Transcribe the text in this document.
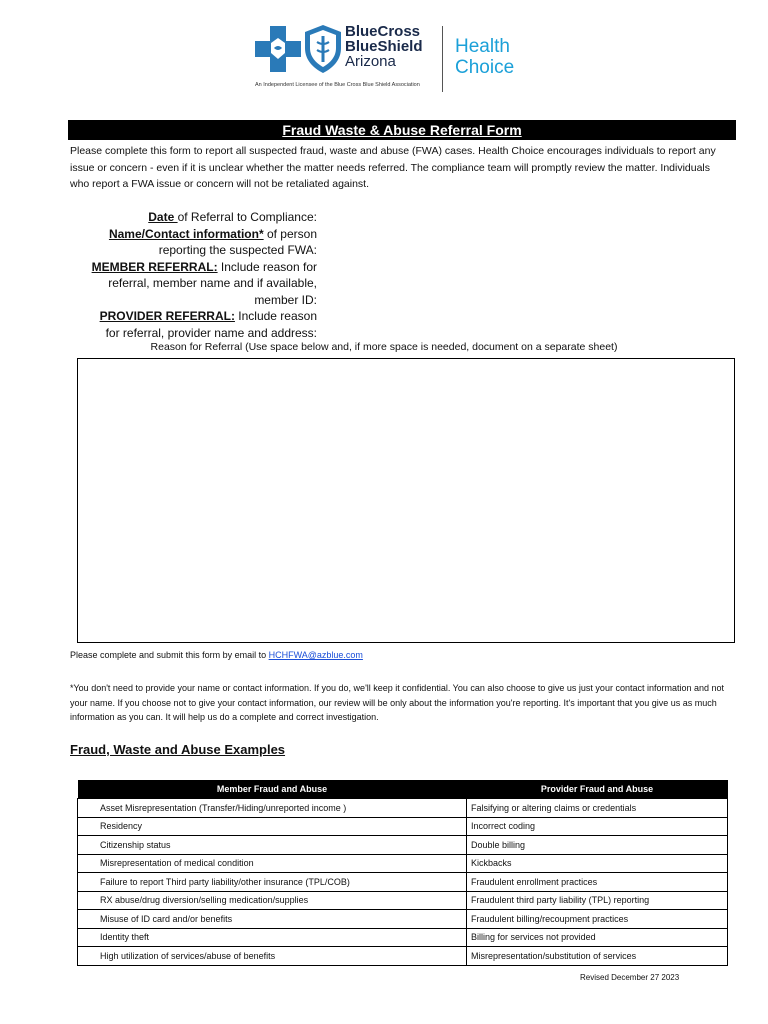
BlueCross
BlueShield
Arizona
Health
Choice
An Independent Licensee of the Blue Cross Blue Shield Association
Fraud Waste & Abuse Referral Form
Please complete this form to report all suspected fraud, waste and abuse (FWA) cases. Health Choice encourages individuals to report any issue or concern - even if it is unclear whether the matter needs referred. The compliance team will promptly review the matter. Individuals who report a FWA issue or concern will not be retaliated against.
Date of Referral to Compliance:
Name/Contact information* of person
reporting the suspected FWA:
MEMBER REFERRAL: Include reason for
referral, member name and if available,
member ID:
PROVIDER REFERRAL: Include reason
for referral, provider name and address:
Reason for Referral (Use space below and, if more space is needed, document on a separate sheet)
Please complete and submit this form by email to HCHFWA@azblue.com
*You don't need to provide your name or contact information. If you do, we'll keep it confidential. You can also choose to give us just your contact information and not your name. If you choose not to give your contact information, our review will be only about the information you're reporting. It's important that you give us as much information as you can. It will help us do a complete and correct investigation.
Fraud, Waste and Abuse Examples
Member Fraud and Abuse	Provider Fraud and Abuse
Asset Misrepresentation (Transfer/Hiding/unreported income )	Falsifying or altering claims or credentials
Residency	Incorrect coding
Citizenship status	Double billing
Misrepresentation of medical condition	Kickbacks
Failure to report Third party liability/other insurance (TPL/COB)	Fraudulent enrollment practices
RX abuse/drug diversion/selling medication/supplies	Fraudulent third party liability (TPL) reporting
Misuse of ID card and/or benefits	Fraudulent billing/recoupment practices
Identity theft	Billing for services not provided
High utilization of services/abuse of benefits	Misrepresentation/substitution of services
Revised December 27 2023
